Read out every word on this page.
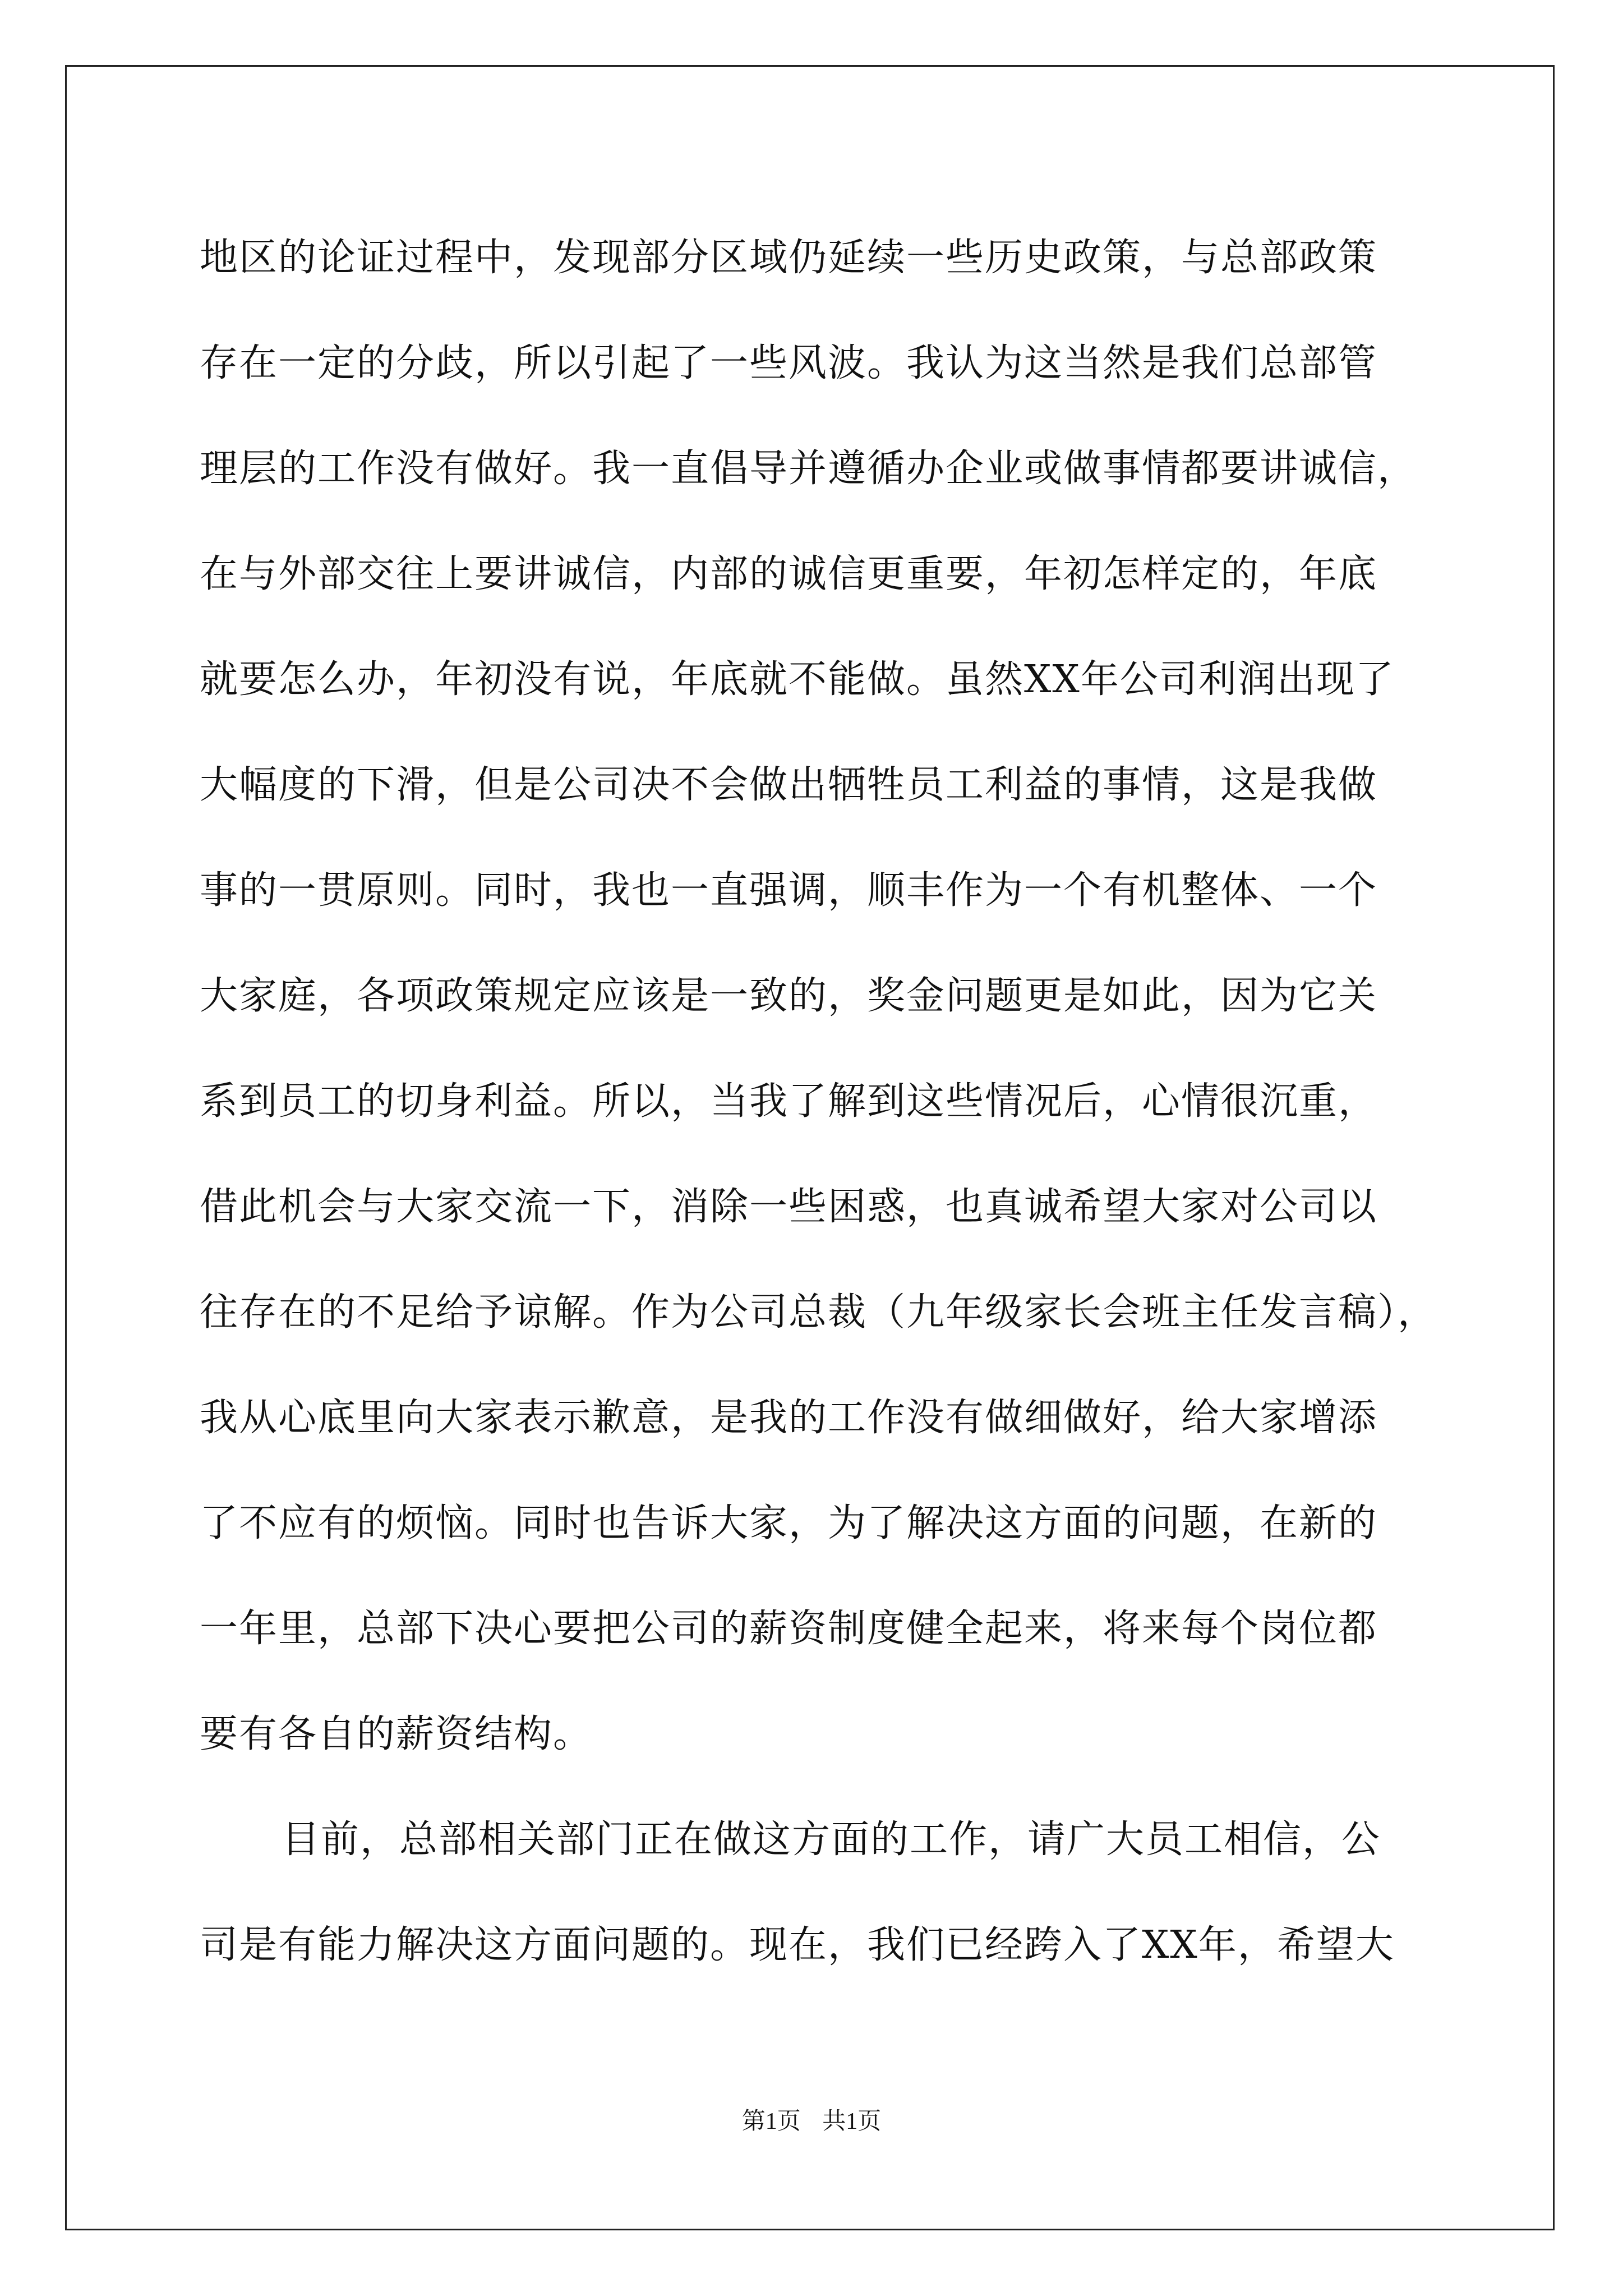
地区的论证过程中，发现部分区域仍延续一些历史政策，与总部政策
存在一定的分歧，所以引起了一些风波。我认为这当然是我们总部管
理层的工作没有做好。我一直倡导并遵循办企业或做事情都要讲诚信，
在与外部交往上要讲诚信，内部的诚信更重要，年初怎样定的，年底
就要怎么办，年初没有说，年底就不能做。虽然XX年公司利润出现了
大幅度的下滑，但是公司决不会做出牺牲员工利益的事情，这是我做
事的一贯原则。同时，我也一直强调，顺丰作为一个有机整体、一个
大家庭，各项政策规定应该是一致的，奖金问题更是如此，因为它关
系到员工的切身利益。所以，当我了解到这些情况后，心情很沉重，
借此机会与大家交流一下，消除一些困惑，也真诚希望大家对公司以
往存在的不足给予谅解。作为公司总裁（九年级家长会班主任发言稿），
我从心底里向大家表示歉意，是我的工作没有做细做好，给大家增添
了不应有的烦恼。同时也告诉大家，为了解决这方面的问题，在新的
一年里，总部下决心要把公司的薪资制度健全起来，将来每个岗位都
要有各自的薪资结构。
目前，总部相关部门正在做这方面的工作，请广大员工相信，公
司是有能力解决这方面问题的。现在，我们已经跨入了XX年，希望大
第1页 共1页
